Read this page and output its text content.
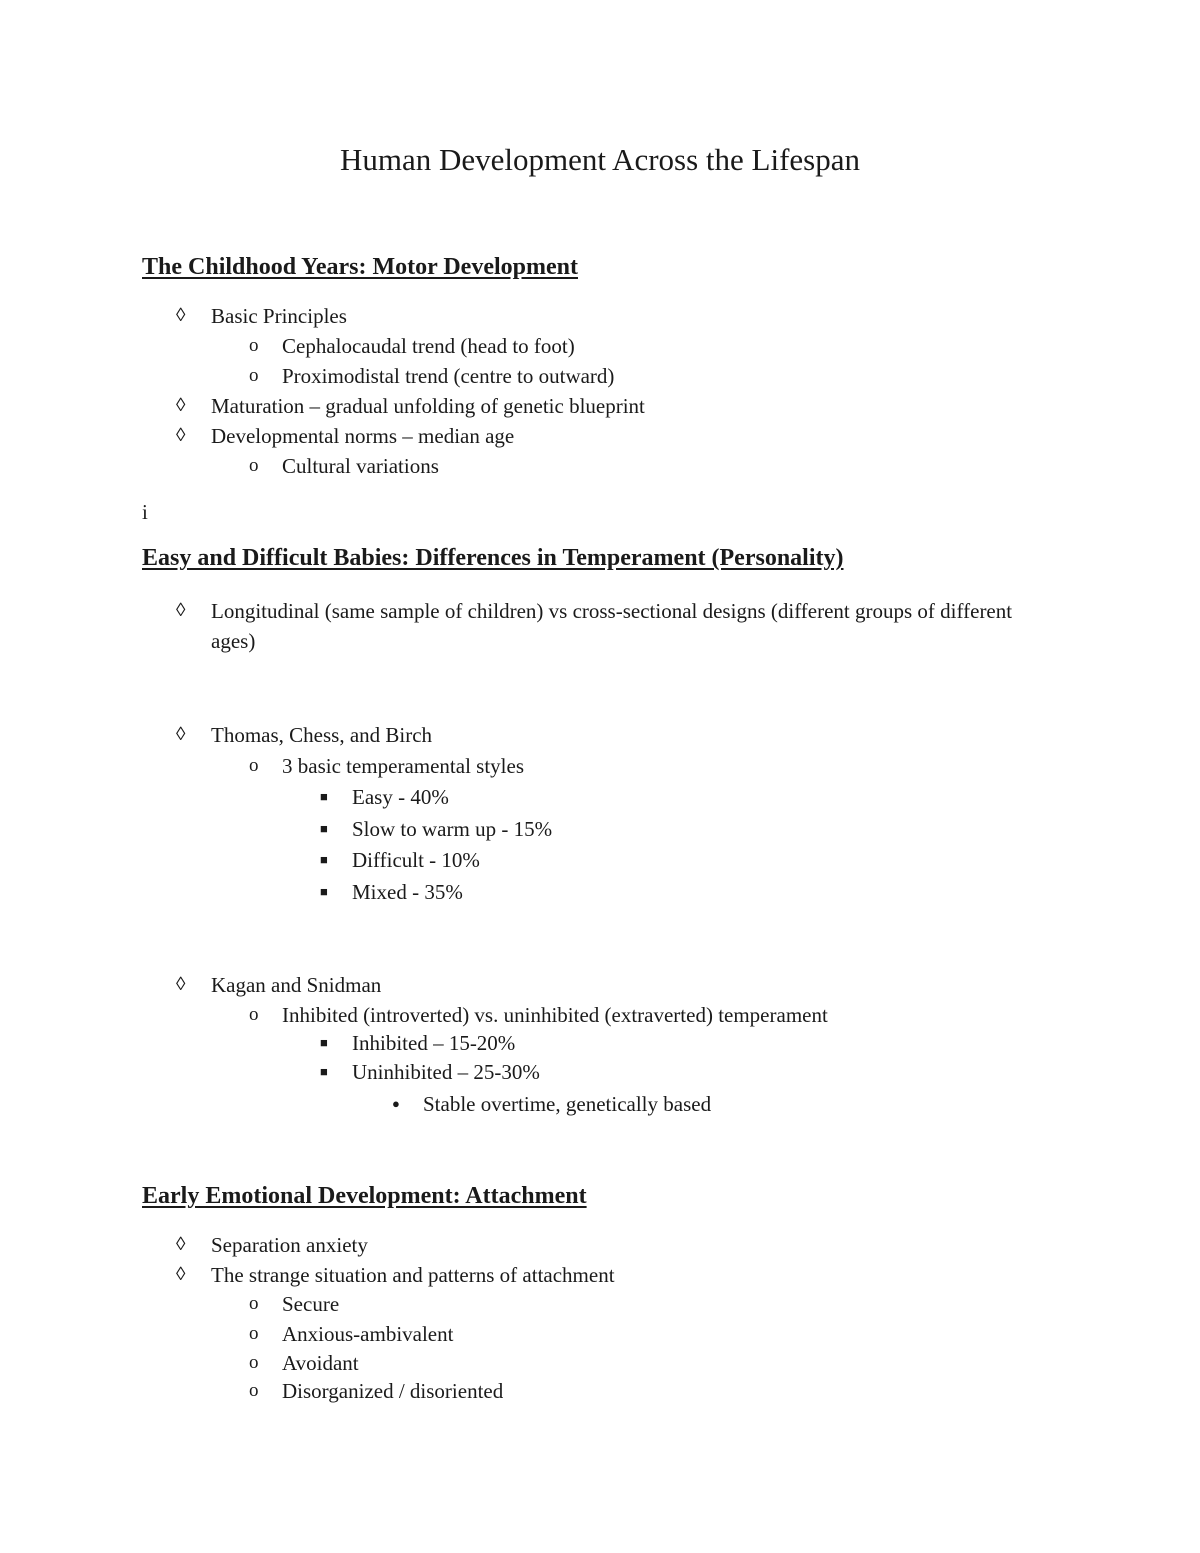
Human Development Across the Lifespan
The Childhood Years: Motor Development
◊ Basic Principles
o Cephalocaudal trend (head to foot)
o Proximodistal trend (centre to outward)
◊ Maturation – gradual unfolding of genetic blueprint
◊ Developmental norms – median age
o Cultural variations
i
Easy and Difficult Babies: Differences in Temperament (Personality)
◊ Longitudinal (same sample of children) vs cross-sectional designs (different groups of different ages)
◊ Thomas, Chess, and Birch
o 3 basic temperamental styles
■ Easy - 40%
■ Slow to warm up - 15%
■ Difficult - 10%
■ Mixed - 35%
◊ Kagan and Snidman
o Inhibited (introverted) vs. uninhibited (extraverted) temperament
■ Inhibited – 15-20%
■ Uninhibited – 25-30%
● Stable overtime, genetically based
Early Emotional Development: Attachment
◊ Separation anxiety
◊ The strange situation and patterns of attachment
o Secure
o Anxious-ambivalent
o Avoidant
o Disorganized / disoriented
